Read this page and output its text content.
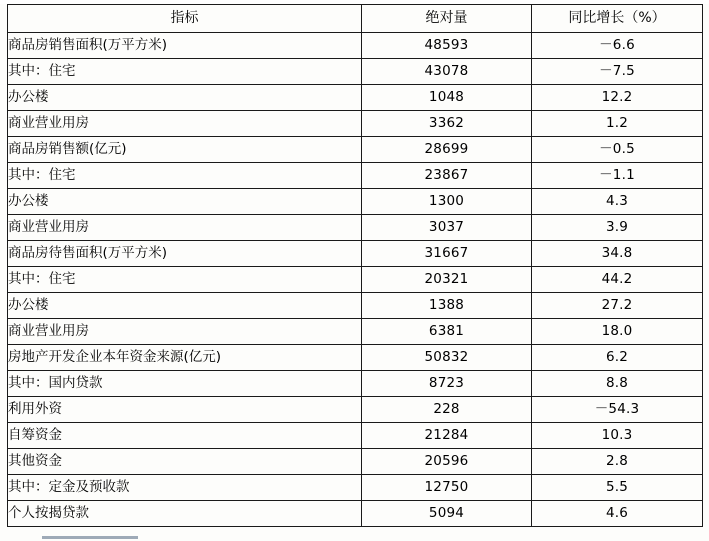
指标	绝对量	同比增长（%）
商品房销售面积(万平方米)	48593	－6.6
其中：住宅	43078	－7.5
办公楼	1048	12.2
商业营业用房	3362	1.2
商品房销售额(亿元)	28699	－0.5
其中：住宅	23867	－1.1
办公楼	1300	4.3
商业营业用房	3037	3.9
商品房待售面积(万平方米)	31667	34.8
其中：住宅	20321	44.2
办公楼	1388	27.2
商业营业用房	6381	18.0
房地产开发企业本年资金来源(亿元)	50832	6.2
其中：国内贷款	8723	8.8
利用外资	228	－54.3
自筹资金	21284	10.3
其他资金	20596	2.8
其中：定金及预收款	12750	5.5
个人按揭贷款	5094	4.6
